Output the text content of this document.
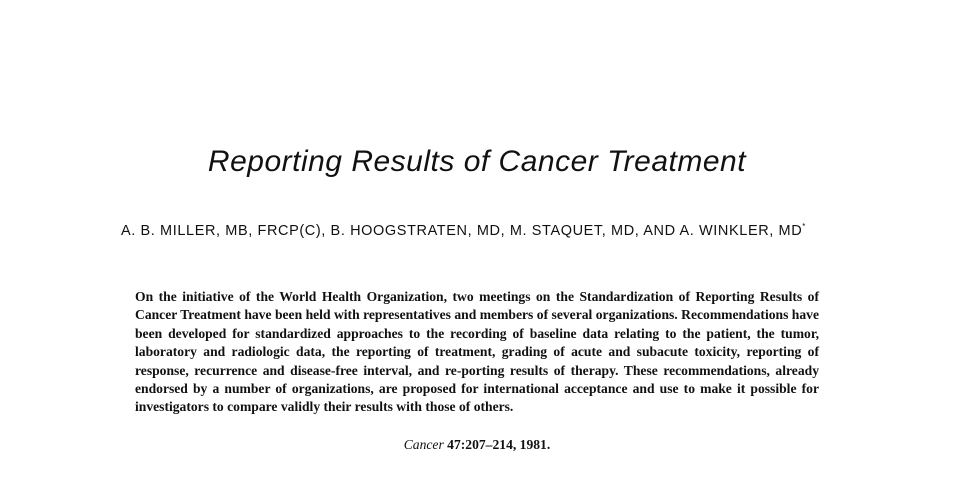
Reporting Results of Cancer Treatment

A. B. MILLER, MB, FRCP(C), B. HOOGSTRATEN, MD, M. STAQUET, MD, AND A. WINKLER, MD*

On the initiative of the World Health Organization, two meetings on the Standardization of Reporting Results of Cancer Treatment have been held with representatives and members of several organizations. Recommendations have been developed for standardized approaches to the recording of baseline data relating to the patient, the tumor, laboratory and radiologic data, the reporting of treatment, grading of acute and subacute toxicity, reporting of response, recurrence and disease-free interval, and re-porting results of therapy. These recommendations, already endorsed by a number of organizations, are proposed for international acceptance and use to make it possible for investigators to compare validly their results with those of others.

Cancer 47:207–214, 1981.
